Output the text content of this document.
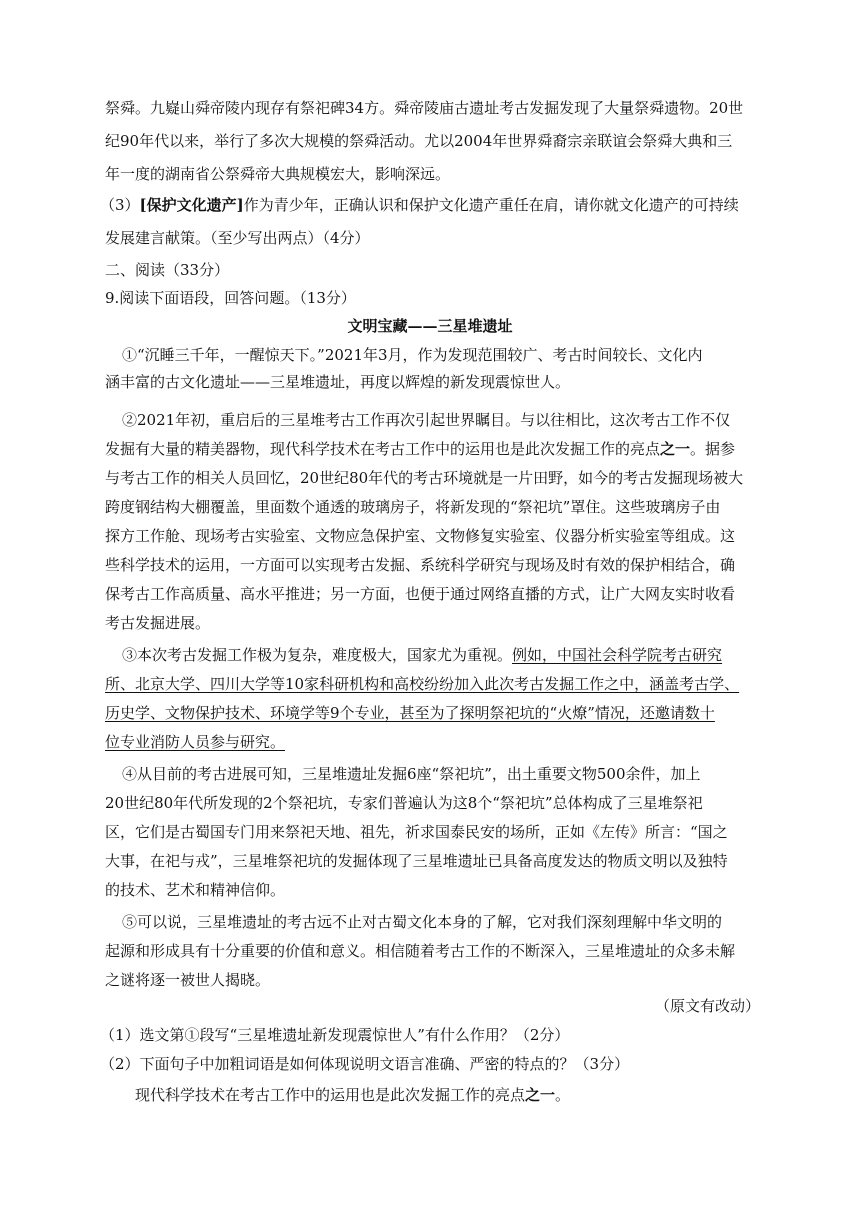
祭舜。九嶷山舜帝陵内现存有祭祀碑34方。舜帝陵庙古遗址考古发掘发现了大量祭舜遗物。20世
纪90年代以来，举行了多次大规模的祭舜活动。尤以2004年世界舜裔宗亲联谊会祭舜大典和三
年一度的湖南省公祭舜帝大典规模宏大，影响深远。
（3）[保护文化遗产]作为青少年，正确认识和保护文化遗产重任在肩，请你就文化遗产的可持续
发展建言献策。（至少写出两点）（4分）
二、阅读（33分）
9.阅读下面语段，回答问题。（13分）
文明宝藏——三星堆遗址
①“沉睡三千年，一醒惊天下。”2021年3月，作为发现范围较广、考古时间较长、文化内
涵丰富的古文化遗址——三星堆遗址，再度以辉煌的新发现震惊世人。
②2021年初，重启后的三星堆考古工作再次引起世界瞩目。与以往相比，这次考古工作不仅
发掘有大量的精美器物，现代科学技术在考古工作中的运用也是此次发掘工作的亮点之一。据参
与考古工作的相关人员回忆，20世纪80年代的考古环境就是一片田野，如今的考古发掘现场被大
跨度钢结构大棚覆盖，里面数个通透的玻璃房子，将新发现的“祭祀坑”罩住。这些玻璃房子由
探方工作舱、现场考古实验室、文物应急保护室、文物修复实验室、仪器分析实验室等组成。这
些科学技术的运用，一方面可以实现考古发掘、系统科学研究与现场及时有效的保护相结合，确
保考古工作高质量、高水平推进；另一方面，也便于通过网络直播的方式，让广大网友实时收看
考古发掘进展。
③本次考古发掘工作极为复杂，难度极大，国家尤为重视。例如，中国社会科学院考古研究
所、北京大学、四川大学等10家科研机构和高校纷纷加入此次考古发掘工作之中，涵盖考古学、
历史学、文物保护技术、环境学等9个专业，甚至为了探明祭祀坑的“火燎”情况，还邀请数十
位专业消防人员参与研究。
④从目前的考古进展可知，三星堆遗址发掘6座“祭祀坑”，出土重要文物500余件，加上
20世纪80年代所发现的2个祭祀坑，专家们普遍认为这8个“祭祀坑”总体构成了三星堆祭祀
区，它们是古蜀国专门用来祭祀天地、祖先，祈求国泰民安的场所，正如《左传》所言：“国之
大事，在祀与戎”，三星堆祭祀坑的发掘体现了三星堆遗址已具备高度发达的物质文明以及独特
的技术、艺术和精神信仰。
⑤可以说，三星堆遗址的考古远不止对古蜀文化本身的了解，它对我们深刻理解中华文明的
起源和形成具有十分重要的价值和意义。相信随着考古工作的不断深入，三星堆遗址的众多未解
之谜将逐一被世人揭晓。
（原文有改动）
（1）选文第①段写“三星堆遗址新发现震惊世人”有什么作用？（2分）
（2）下面句子中加粗词语是如何体现说明文语言准确、严密的特点的？（3分）
现代科学技术在考古工作中的运用也是此次发掘工作的亮点之一。
